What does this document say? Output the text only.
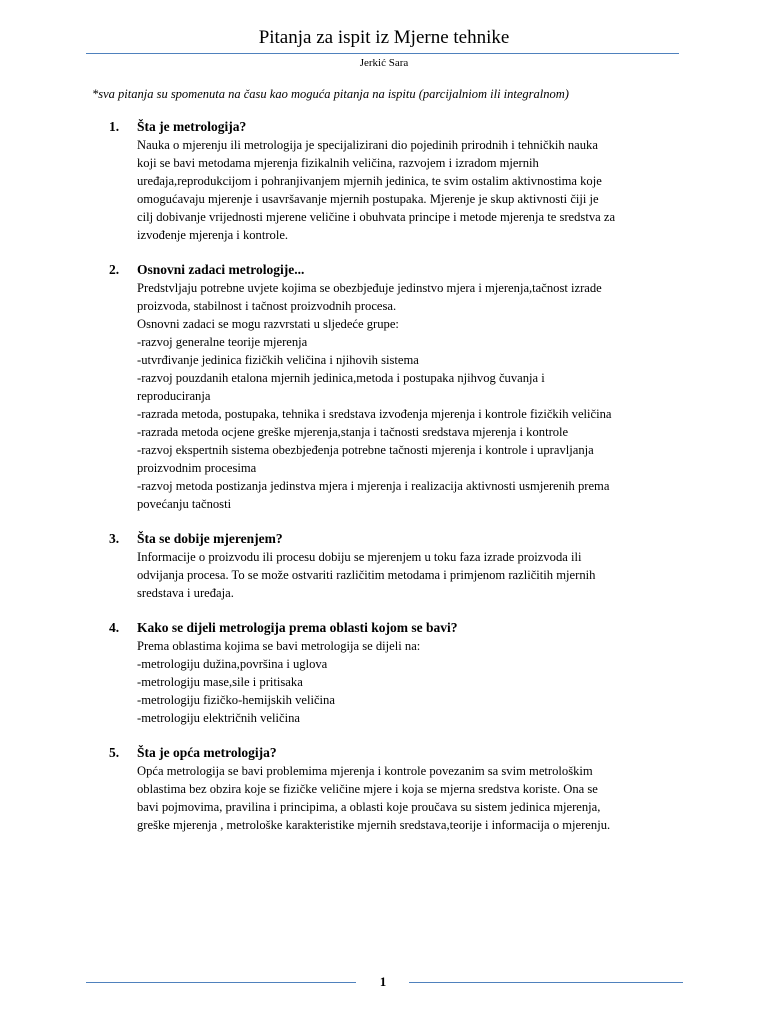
Pitanja za ispit iz Mjerne tehnike
Jerkić Sara
*sva pitanja su spomenuta na času kao moguća pitanja na ispitu (parcijalniom ili integralnom)
1. Šta je metrologija?
Nauka o mjerenju ili metrologija je specijalizirani dio pojedinih prirodnih i tehničkih nauka
koji se bavi metodama mjerenja fizikalnih veličina, razvojem i izradom mjernih
uređaja,reprodukcijom i pohranjivanjem mjernih jedinica, te svim ostalim aktivnostima koje
omogućavaju mjerenje i usavršavanje mjernih postupaka. Mjerenje je skup aktivnosti čiji je
cilj dobivanje vrijednosti mjerene veličine i obuhvata principe i metode mjerenja te sredstva za
izvođenje mjerenja i kontrole.
2. Osnovni zadaci metrologije...
Predstvljaju potrebne uvjete kojima se obezbjeđuje jedinstvo mjera i mjerenja,tačnost izrade
proizvoda, stabilnost i tačnost proizvodnih procesa.
Osnovni zadaci se mogu razvrstati u sljedeće grupe:
-razvoj generalne teorije mjerenja
-utvrđivanje jedinica fizičkih veličina i njihovih sistema
-razvoj pouzdanih etalona mjernih jedinica,metoda i postupaka njihvog čuvanja i
reproduciranja
-razrada metoda, postupaka, tehnika i sredstava izvođenja mjerenja i kontrole fizičkih veličina
-razrada metoda ocjene greške mjerenja,stanja i tačnosti sredstava mjerenja i kontrole
-razvoj ekspertnih sistema obezbjeđenja potrebne tačnosti mjerenja i kontrole i upravljanja
proizvodnim procesima
-razvoj metoda postizanja jedinstva mjera i mjerenja i realizacija aktivnosti usmjerenih prema
povećanju tačnosti
3. Šta se dobije mjerenjem?
Informacije o proizvodu ili procesu dobiju se mjerenjem u toku faza izrade proizvoda ili
odvijanja procesa. To se može ostvariti različitim metodama i primjenom različitih mjernih
sredstava i uređaja.
4. Kako se dijeli metrologija prema oblasti kojom se bavi?
Prema oblastima kojima se bavi metrologija se dijeli na:
-metrologiju dužina,površina i uglova
-metrologiju mase,sile i pritisaka
-metrologiju fizičko-hemijskih veličina
-metrologiju električnih veličina
5. Šta je opća metrologija?
Opća metrologija se bavi problemima mjerenja i kontrole povezanim sa svim metrološkim
oblastima bez obzira koje se fizičke veličine mjere i koja se mjerna sredstva koriste. Ona se
bavi pojmovima, pravilina i principima, a oblasti koje proučava su sistem jedinica mjerenja,
greške mjerenja , metrološke karakteristike mjernih sredstava,teorije i informacija o mjerenju.
1
